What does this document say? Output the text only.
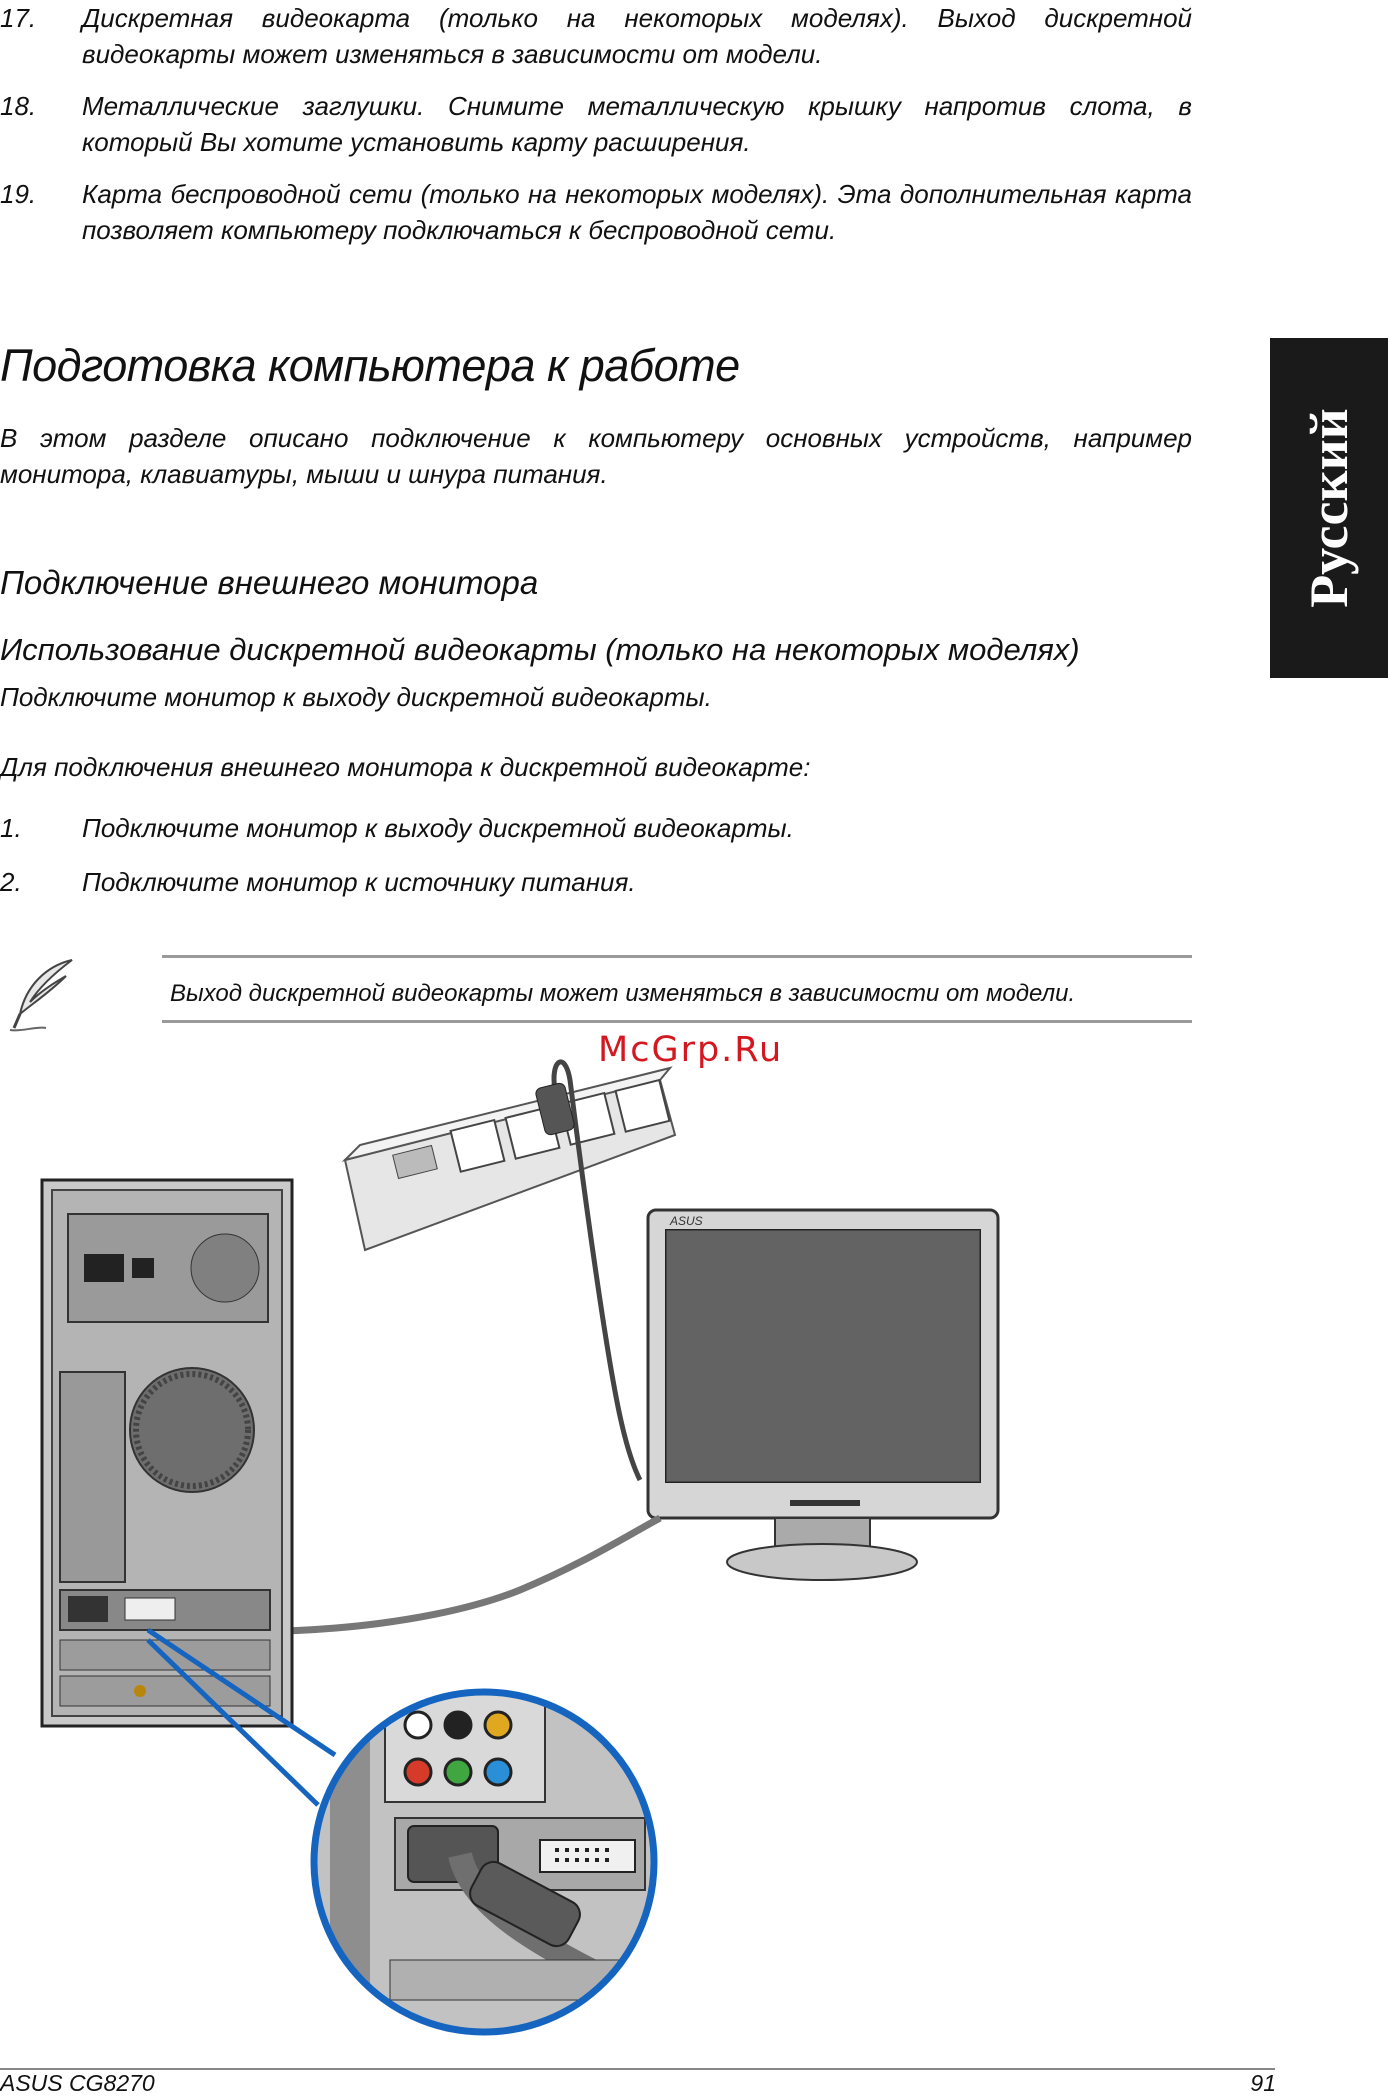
17. Дискретная видеокарта (только на некоторых моделях). Выход дискретной видеокарты может изменяться в зависимости от модели.
18. Металлические заглушки. Снимите металлическую крышку напротив слота, в который Вы хотите установить карту расширения.
19. Карта беспроводной сети (только на некоторых моделях). Эта дополнительная карта позволяет компьютеру подключаться к беспроводной сети.
Русский
Подготовка компьютера к работе
В этом разделе описано подключение к компьютеру основных устройств, например монитора, клавиатуры, мыши и шнура питания.
Подключение внешнего монитора
Использование дискретной видеокарты (только на некоторых моделях)
Подключите монитор к выходу дискретной видеокарты.
Для подключения внешнего монитора к дискретной видеокарте:
1. Подключите монитор к выходу дискретной видеокарты.
2. Подключите монитор к источнику питания.
Выход дискретной видеокарты может изменяться в зависимости от модели.
McGrp.Ru
ASUS
ASUS CG8270	91
